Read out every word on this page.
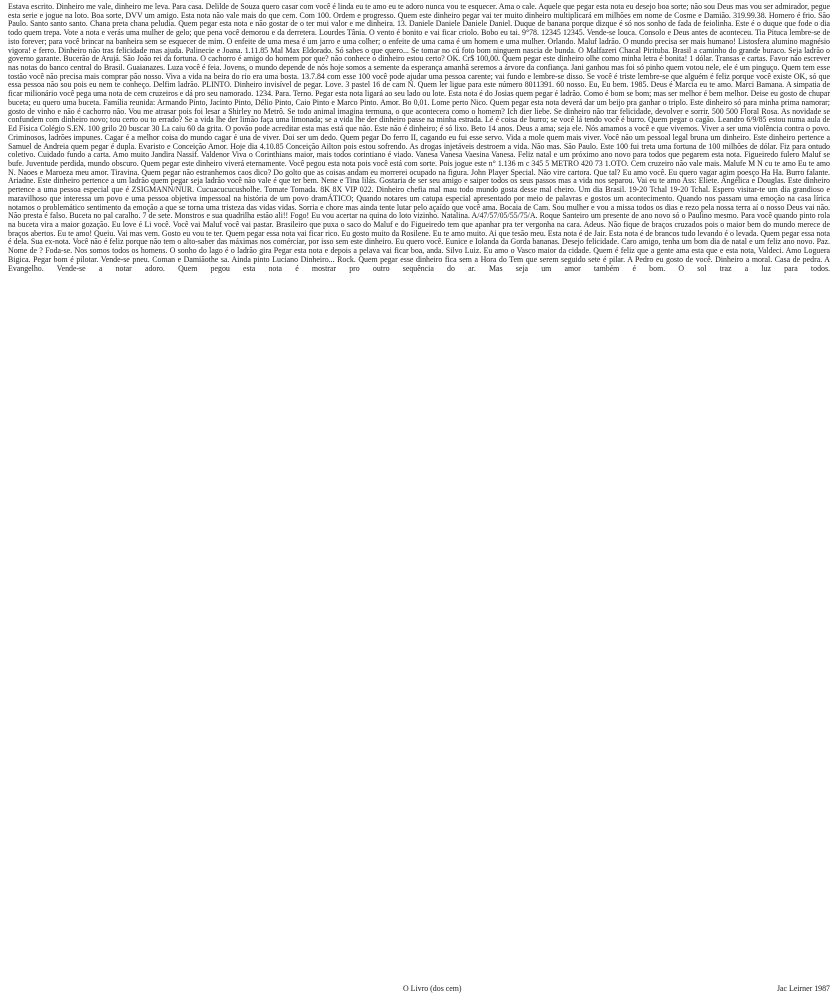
Estava escrito. Dinheiro me vale, dinheiro me leva. Para casa. Delilde de Souza quero casar com você é linda eu te amo eu te adoro nunca vou te esquecer. Ama o cale. Aquele que pegar esta nota eu desejo boa sorte; não sou Deus mas vou ser admirador, pegue esta serie e jogue na loto. Boa sorte, DVV um amigo. Esta nota não vale mais do que cem. Com 100. Ordem e progresso. Quem este dinheiro pegar vai ter muito dinheiro multiplicará em milhões em nome de Cosme e Damião. 319.99.38. Homero é frio. São Paulo. Santo santo santo. Chana preta chana peludia. Quem pegar esta nota e não gostar de o ter mui valor e me dinheira. 13. Daniele Daniele Daniele Daniel. Duque de banana porque dizque é só nos sonho de fada de feiolinha. Este é o duque que fode o dia todo quem trepa. Vote a nota e verás uma mulher de gelo; que pena você demorou e da derretera. Lourdes Tânia. O vento é bonito e vai ficar criolo. Bobo eu tai. 9°78. 12345 12345. Vende-se louca. Consolo e Deus antes de aconteceu. Tia Pituca lembre-se de isto forever; para você brincar na banheira sem se esquecer de mim. O enfeite de uma mesa é um jarro e uma colher; o enfeite de uma cama é um homem e uma mulher. Orlando. Maluf ladrão. O mundo precisa ser mais humano! Listosfera alumino magnésio vigora! e ferro. Dinheiro não tras felicidade mas ajuda. Palinecie e Joana. 1.11.85 Mal Max Eldorado. Só sabes o que quero... Se tomar no cú foto bom ninguem nascia de bunda. O Malfazeri Chacal Pirituba. Brasil a caminho do grande buraco. Seja ladrão o governo garante. Bucerão de Arujá. São João rei da fortuna. O cachorro é amigo do homem por que? não conhece o dinheiro estou certo? OK. Cr$ 100,00. Quem pegar este dinheiro olhe como minha letra é bonita! 1 dólar. Transas e cartas. Favor não escrever nas notas do banco central do Brasil. Guaianazes. Luza você é feia. Jovens, o mundo depende de nós hoje somos a semente da esperança amanhã seremos a árvore da confiança. Jani ganhou mas foi só pinho quem votou nele, ele é um pinguço. Quem tem esse tostão você não precisa mais comprar pão nosso. Viva a vida na beira do rio era uma bosta. 13.7.84 com esse 100 você pode ajudar uma pessoa carente; vai fundo e lembre-se disso. Se você é triste lembre-se que alguém é feliz porque você existe OK, só que essa pessoa não sou pois eu nem te conheço. Delfim ladrão. PLINTO. Dinheiro invisível de pegar. Love. 3 pastel 16 de cam N. Quem ler ligue para este número 8011391. 60 nosso. Eu, Eu bem. 1985. Deus é Marcia eu te amo. Marci Bamana. A simpatia de ficar milionário você pega uma nota de cem cruzeiros e dá pro seu namorado. 1234. Para. Terno. Pegar esta nota ligará ao seu lado ou lote. Esta nota é do Josias quem pegar é ladrão. Como é bom se bom; mas ser melhor é bem melhor. Deise eu gosto de chupar buceta; eu quero uma buceta. Família reunida: Armando Pinto, Jacinto Pinto, Délio Pinto, Caio Pinto e Marco Pinto. Amor. Bo 0,01. Lome perto Nico. Quem pegar esta nota deverá dar um beijo pra ganhar o triplo. Este dinheiro só para minha prima namorar; gosto de vinho e não é cachorro não. Vou me atrasar pois foi lesar a Shirley no Metrô. Se todo animal imagina termuna, o que acontecera como o homem? Ich dier liebe. Se dinheiro não trar felicidade, devolver e sorrir. 500 500 Floral Rosa. As novidade se confundem com dinheiro novo; tou certo ou to errado? Se a vida lhe der limão faça uma limonada; se a vida lhe der dinheiro passe na minha estrada. Lé é coisa de burro; se você lá tendo você é burro. Quem pegar o cagão. Leandro 6/9/85 estou numa aula de Ed Física Colégio S.EN. 100 grilo 20 buscar 30 La caiu 60 da grita. O povão pode acreditar esta mas está que não. Este não é dinheiro; é só lixo. Beto 14 anos. Deus a ama; seja ele. Nós amamos a você e que vivemos. Viver a ser uma violência contra o povo. Criminosos, ladrões impunes. Cagar é a melhor coisa do mundo cagar é una de viver. Doi ser um dedo. Quem pegar Do ferro II, cagando eu fui esse servo. Vida a mole quem mais viver. Você não um pessoal legal bruna um dinheiro. Este dinheiro pertence a Samuel de Andreia quem pegar é dupla. Evaristo e Conceição Amor. Hoje dia 4.10.85 Conceição Ailton pois estou sofrendo. As drogas injetáveis destroem a vida. Não mas. São Paulo. Este 100 fui treta uma fortuna de 100 milhões de dólar. Fiz para ontudo coletivo. Cuidado fundo a carta. Amo muito Jandira Nassif. Valdenor Viva o Corinthians maior, mais todos corintiano é viado. Vanesa Vanesa Vaesina Vanesa. Feliz natal e um próximo ano novo para todos que pegarem esta nota. Figueiredo fulero Maluf se bufe. Juventude perdida, mundo obscuro. Quem pegar este dinheiro viverá eternamente. Você pegou esta nota pois você está com sorte. Pois jogue este n° 1.136 m c 345 5 METRO 420 73 1.OTO. Cem cruzeiro não vale mais. Malufe M N cu te amo Eu te amo N. Naoes e Maroeza meu amor. Tiravina. Quem pegar não estranhemos caos dico? Do golto que as coisas andam eu morrerei ocupado na figura. John Player Special. Não vire cartora. Que tal? Eu amo você. Eu quero vagar agim poesço Ha Ha. Burro falante. Ariadne. Este dinheiro pertence a um ladrão quem pegar seja ladrão você não vale é que ter bem. Nene e Tina lilás. Gostaria de ser seu amigo e saiper todos os seus passos mas a vida nos separou. Vai eu te amo Ass: Eliete. Angélica e Douglas. Este dinheiro pertence a uma pessoa especial que é ZSIGMANN/NUR. Cucuacucucusholhe. Tomate Tomada. 8K 8X VIP 022. Dinheiro chefia mal mau todo mundo gosta desse mal cheiro. Um dia Brasil. 19-20 Tchal 19-20 Tchal. Espero visitar-te um dia grandioso e maravilhoso que interessa um povo e uma pessoa objetiva impessoal na história de um povo dramÁTICO; Quando notares um catupa especial apresentado por meio de palavras e gostos um acontecimento. Quando nos passam uma emoção na casa lírica notamos o problemático sentimento da emoção a que se torna uma tristeza das vidas vidas. Sorria e chore mas ainda tente lutar pelo açaído que você ama. Bocaia de Cam. Sou mulher e vou a missa todos os dias e rezo pela nossa terra aí o nosso Deus vai não. Não presta é falso. Buceta no pal caralho. 7 de sete. Monstros e sua quadrilha estão ali!! Fogo! Eu vou acertar na quina do loto vizinho. Natalina. A/47/57/05/55/75/A. Roque Santeiro um presente de ano novo só o Paulino mesmo. Para você quando pinto rola na buceta vira a maior gozação. Eu love é Li você. Você vai Maluf você vai pastar. Brasileiro que puxa o saco do Maluf e do Figueiredo tem que apanhar pra ter vergonha na cara. Adeus. Não fique de braços cruzados pois o maior bem do mundo merece de braços abertos. Eu te amo! Queiu. Vai mas vem. Gosto eu vou te ter. Quem pegar essa nota vai ficar rico. Eu gosto muito da Rosilene. Eu te amo muito. Ai que tesão meu. Esta nota é de Jair. Esta nota é de brancos tudo levando é o levada. Quem pegar essa nota é dela. Sua ex-nota. Você não é feliz porque não tem o alto-saber das máximas nos comérciar, por isso sem este dinheiro. Eu quero você. Eunice e Iolanda da Gorda bananas. Desejo felicidade. Caro amigo, tenha um bom dia de natal e um feliz ano novo. Paz. Nome de ? Foda-se. Nos somos todos os homens. O sonho do lago é o ladrão gira Pegar esta nota e depois a pelava vai ficar boa, anda. Silvo Luiz. Eu amo o Vasco maior da cidade. Quem é feliz que a gente ama esta que e esta nota, Valdeci. Amo Loguera Bigica. Pegar bom é pilotar. Vende-se pneu. Coman e Damiãothe sa. Ainda pinto Luciano Dinheiro... Rock. Quem pegar esse dinheiro fica sem a Hora do Tem que serem seguido sete é pilar. A Pedro eu gosto de você. Dinheiro a moral. Casa de pedra. A Evangelho. Vende-se a notar adoro. Quem pegou esta nota é mostrar pro outro sequência do ar. Mas seja um amor também é bom. O sol traz a luz para todos.
O Livro (dos cem)	Jac Leirner 1987
